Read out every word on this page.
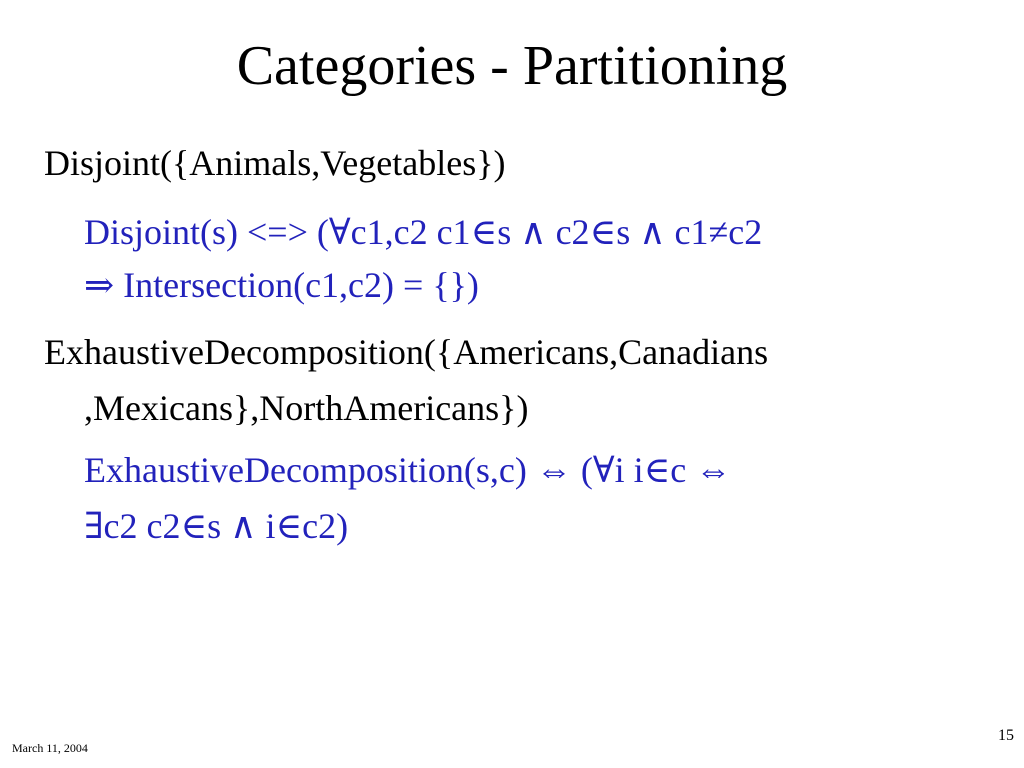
Categories - Partitioning
Disjoint({Animals,Vegetables})
Disjoint(s) <=> (∀c1,c2 c1∈s ∧ c2∈s ∧ c1≠c2
⇒ Intersection(c1,c2) = {})
ExhaustiveDecomposition({Americans,Canadians
,Mexicans},NorthAmericans})
ExhaustiveDecomposition(s,c) ⇔ (∀i i∈c ⇔
∃c2 c2∈s ∧ i∈c2)
March 11, 2004
15
